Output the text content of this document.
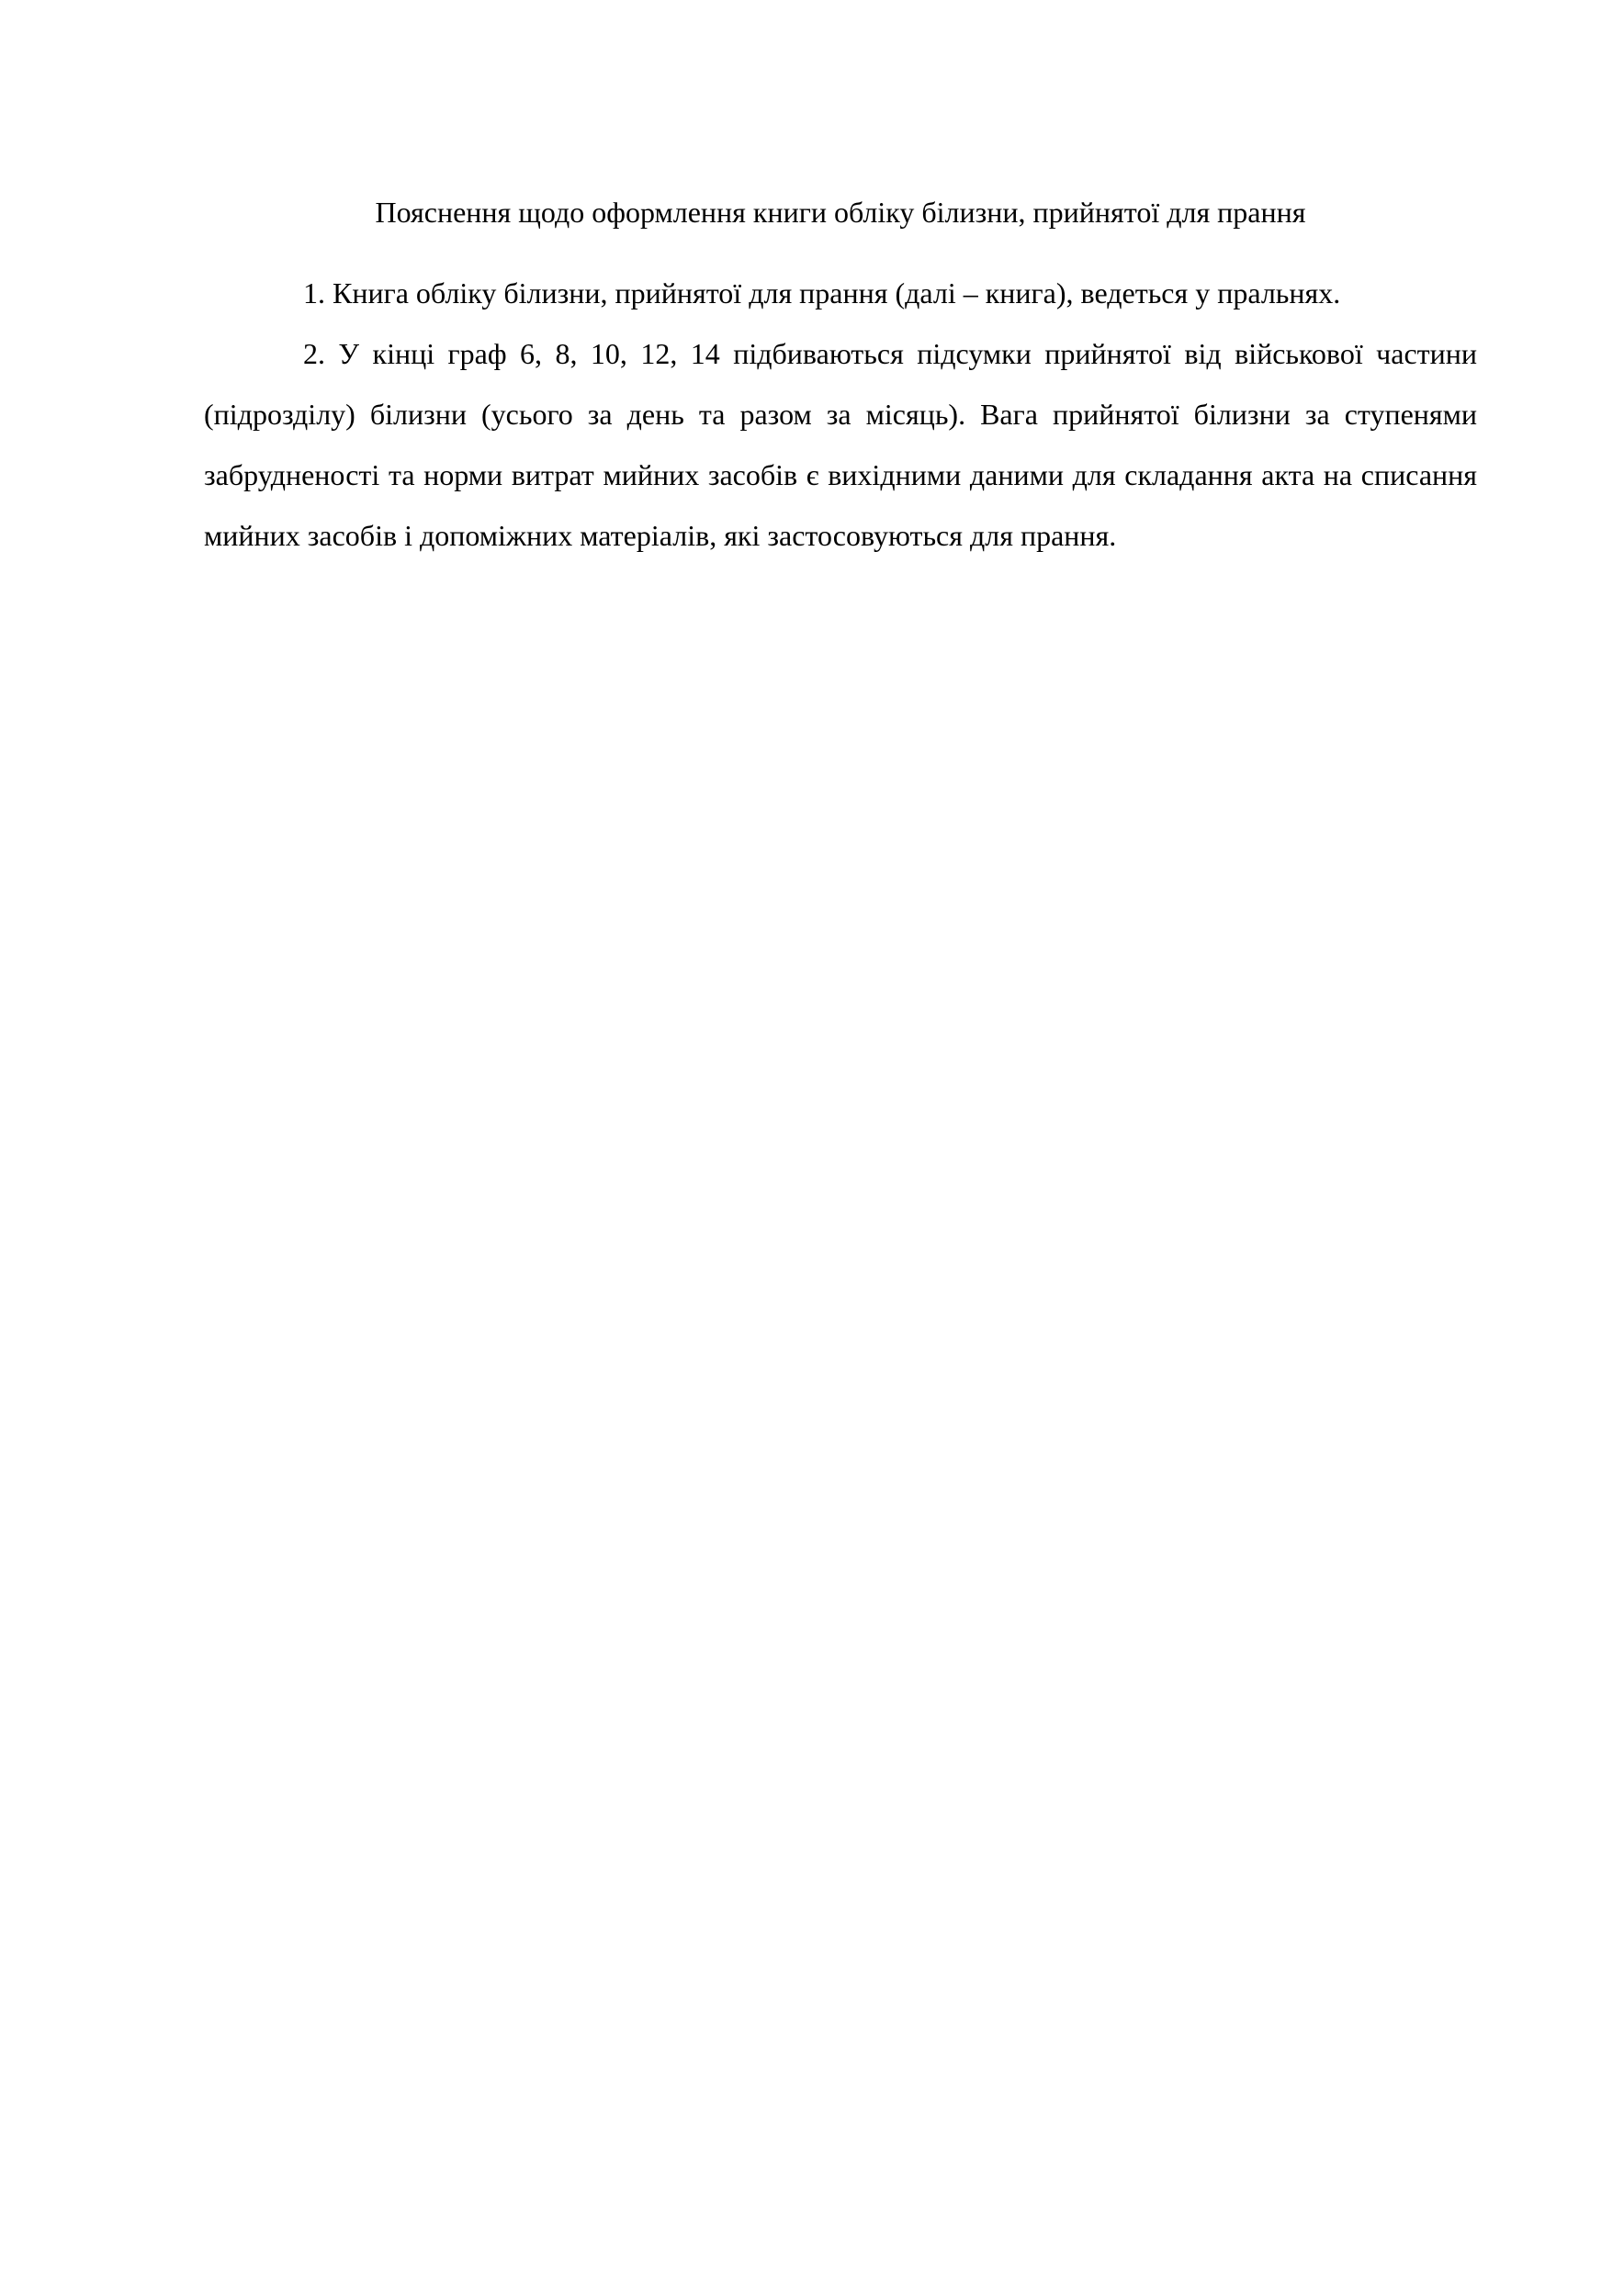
Пояснення щодо оформлення книги обліку білизни, прийнятої для прання

1. Книга обліку білизни, прийнятої для прання (далі – книга), ведеться у пральнях.

2. У кінці граф 6, 8, 10, 12, 14 підбиваються підсумки прийнятої від військової частини (підрозділу) білизни (усього за день та разом за місяць). Вага прийнятої білизни за ступенями забрудненості та норми витрат мийних засобів є вихідними даними для складання акта на списання мийних засобів і допоміжних матеріалів, які застосовуються для прання.
